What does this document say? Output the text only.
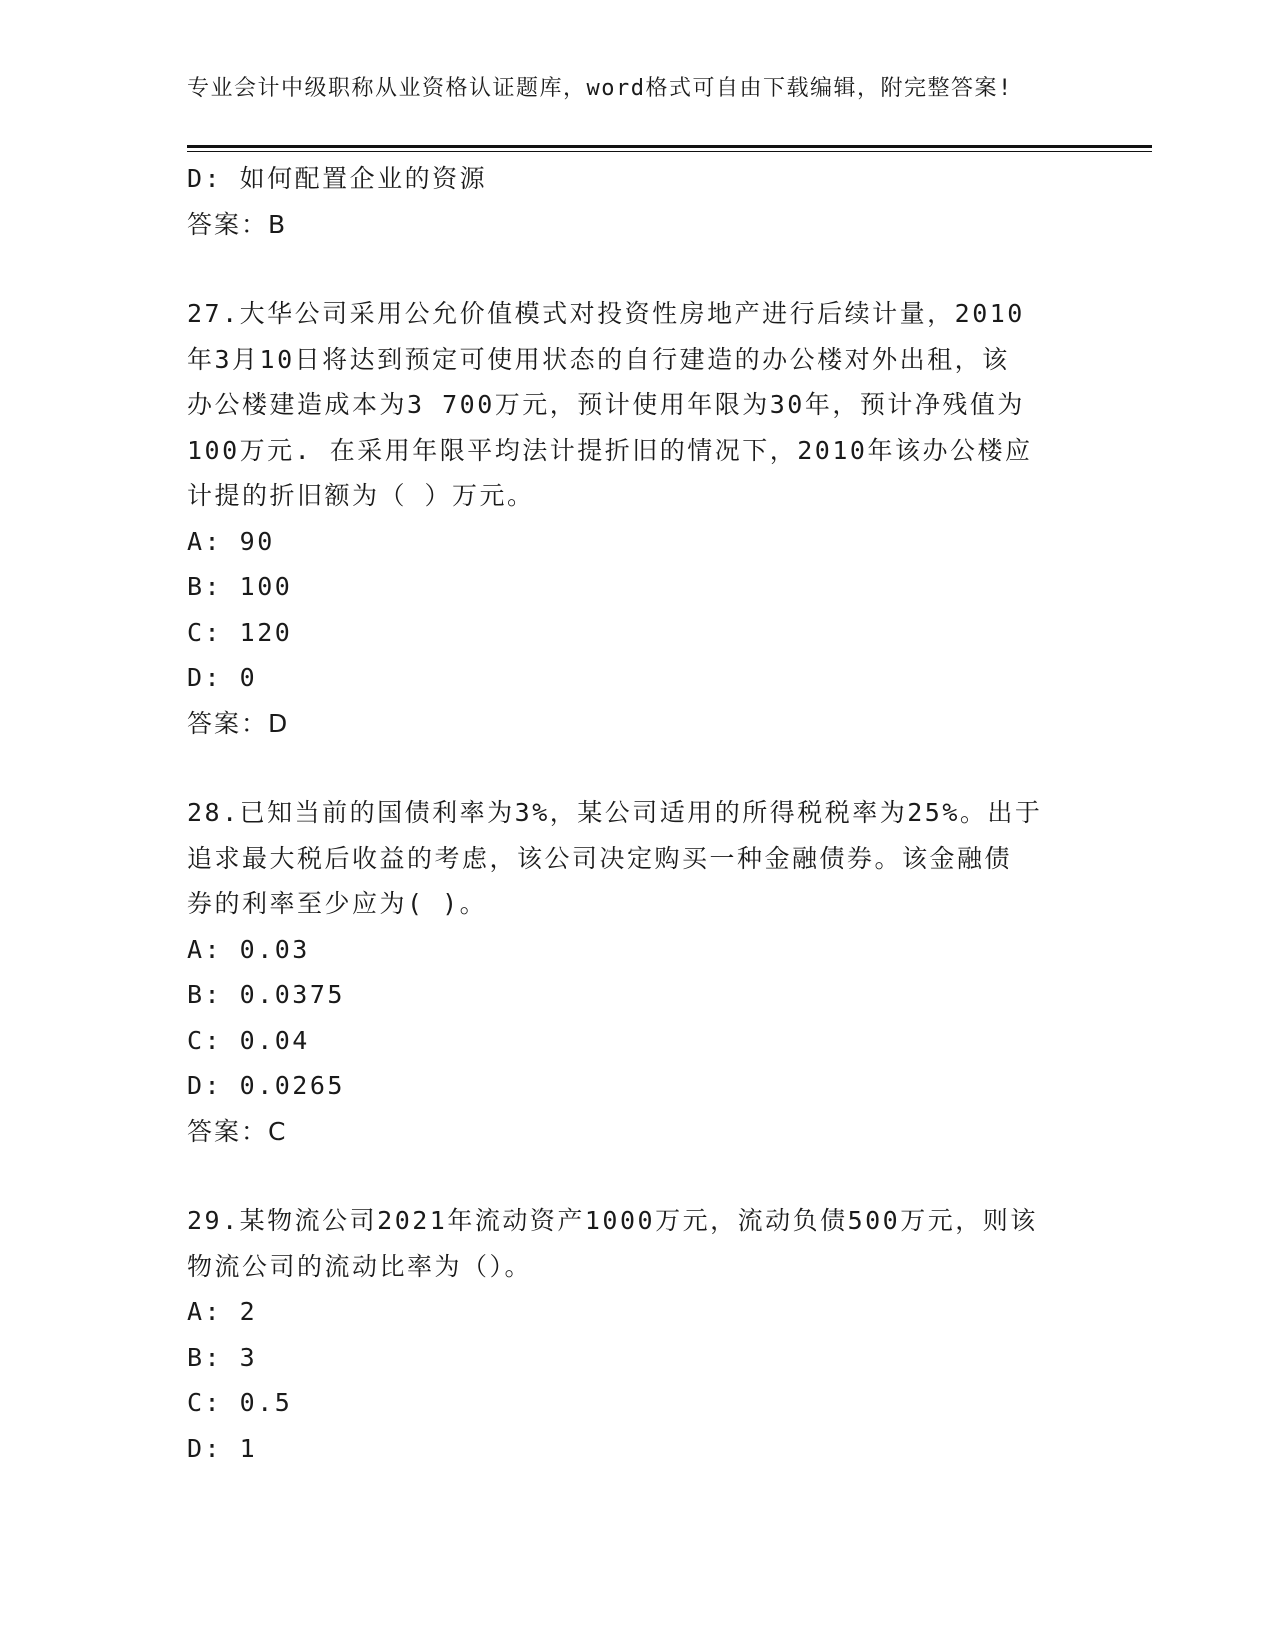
专业会计中级职称从业资格认证题库，word格式可自由下载编辑，附完整答案!
D: 如何配置企业的资源
答案：B
27.大华公司采用公允价值模式对投资性房地产进行后续计量，2010
年3月10日将达到预定可使用状态的自行建造的办公楼对外出租，该
办公楼建造成本为3 700万元，预计使用年限为30年，预计净残值为
100万元. 在采用年限平均法计提折旧的情况下，2010年该办公楼应
计提的折旧额为（ ）万元。
A: 90
B: 100
C: 120
D: 0
答案：D
28.已知当前的国债利率为3%，某公司适用的所得税税率为25%。出于
追求最大税后收益的考虑，该公司决定购买一种金融债券。该金融债
券的利率至少应为( )。
A: 0.03
B: 0.0375
C: 0.04
D: 0.0265
答案：C
29.某物流公司2021年流动资产1000万元，流动负债500万元，则该
物流公司的流动比率为（）。
A: 2
B: 3
C: 0.5
D: 1
